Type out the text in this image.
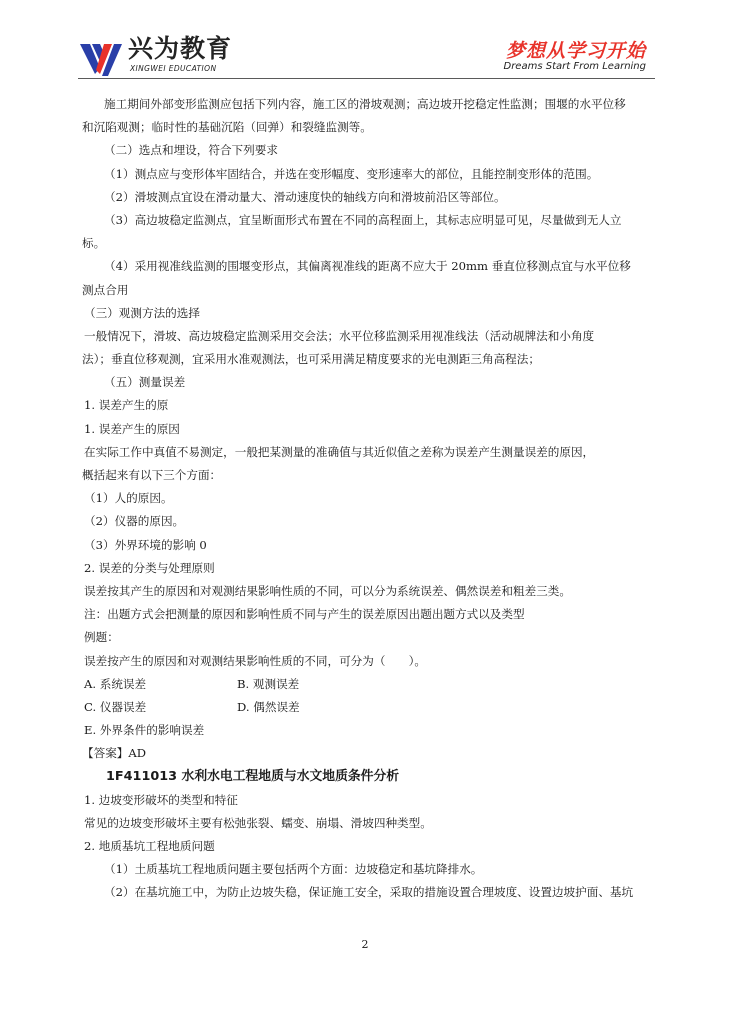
兴为教育
XINGWEI EDUCATION
梦想从学习开始
Dreams Start From Learning
施工期间外部变形监测应包括下列内容，施工区的滑坡观测；高边坡开挖稳定性监测；围堰的水平位移
和沉陷观测；临时性的基础沉陷（回弹）和裂缝监测等。
（二）选点和埋设，符合下列要求
（1）测点应与变形体牢固结合，并选在变形幅度、变形速率大的部位，且能控制变形体的范围。
（2）滑坡测点宜设在滑动量大、滑动速度快的轴线方向和滑坡前沿区等部位。
（3）高边坡稳定监测点，宜呈断面形式布置在不同的高程面上，其标志应明显可见，尽量做到无人立
标。
（4）采用视准线监测的围堰变形点，其偏离视准线的距离不应大于 20mm 垂直位移测点宜与水平位移
测点合用
（三）观测方法的选择
一般情况下，滑坡、高边坡稳定监测采用交会法；水平位移监测采用视准线法（活动觇牌法和小角度
法）；垂直位移观测，宜采用水准观测法，也可采用满足精度要求的光电测距三角高程法；
（五）测量误差
1. 误差产生的原
1. 误差产生的原因
在实际工作中真值不易测定，一般把某测量的准确值与其近似值之差称为误差产生测量误差的原因，
概括起来有以下三个方面：
（1）人的原因。
（2）仪器的原因。
（3）外界环境的影响 0
2. 误差的分类与处理原则
误差按其产生的原因和对观测结果影响性质的不同，可以分为系统误差、偶然误差和粗差三类。
注：出题方式会把测量的原因和影响性质不同与产生的误差原因出题出题方式以及类型
例题：
误差按产生的原因和对观测结果影响性质的不同，可分为（　　）。
A. 系统误差	B. 观测误差
C. 仪器误差	D. 偶然误差
E. 外界条件的影响误差
【答案】AD
1F411013 水利水电工程地质与水文地质条件分析
1. 边坡变形破坏的类型和特征
常见的边坡变形破坏主要有松弛张裂、蠕变、崩塌、滑坡四种类型。
2. 地质基坑工程地质问题
（1）土质基坑工程地质问题主要包括两个方面：边坡稳定和基坑降排水。
（2）在基坑施工中，为防止边坡失稳，保证施工安全，采取的措施设置合理坡度、设置边坡护面、基坑
2
